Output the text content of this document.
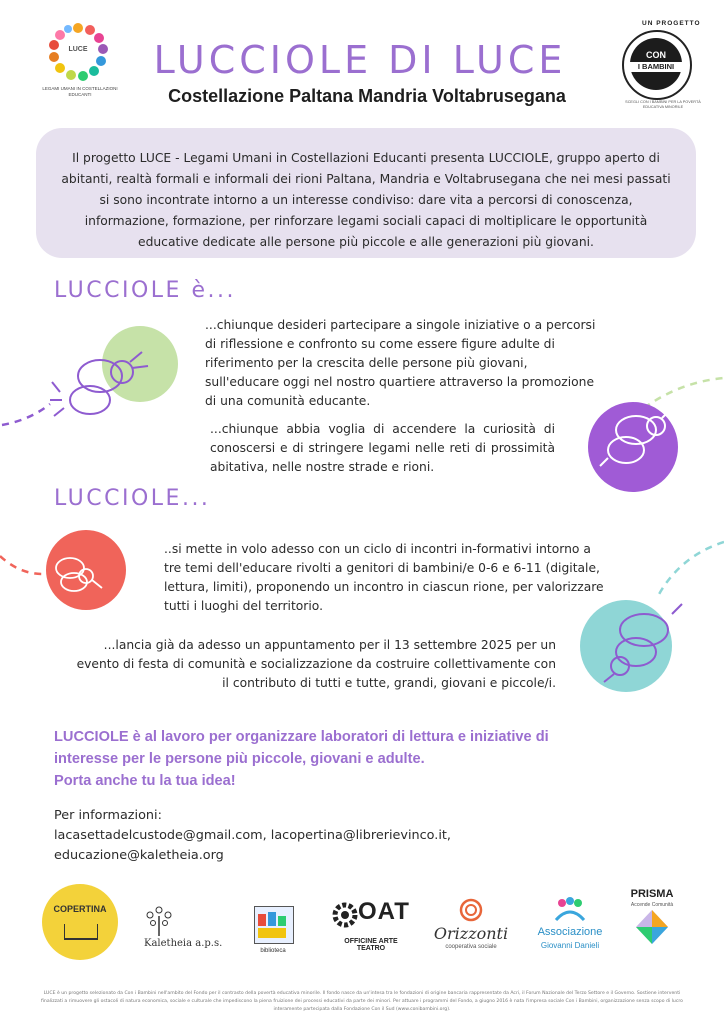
LUCE
LEGAMI UMANI IN COSTELLAZIONI EDUCANTI
LUCCIOLE DI LUCE
Costellazione Paltana Mandria Voltabrusegana
UN PROGETTO
CON
I BAMBINI
SCEGLI CON I BAMBINI PER LA POVERTÀ EDUCATIVA MINORILE
Il progetto LUCE - Legami Umani in Costellazioni Educanti presenta LUCCIOLE, gruppo aperto di abitanti, realtà formali e informali dei rioni Paltana, Mandria e Voltabrusegana che nei mesi passati si sono incontrate intorno a un interesse condiviso: dare vita a percorsi di conoscenza, informazione, formazione, per rinforzare legami sociali capaci di moltiplicare le opportunità educative dedicate alle persone più piccole e alle generazioni più giovani.
LUCCIOLE è...
...chiunque desideri partecipare a singole iniziative o a percorsi di riflessione e confronto su come essere figure adulte di riferimento per la crescita delle persone più giovani, sull'educare oggi nel nostro quartiere attraverso la promozione di una comunità educante.
...chiunque abbia voglia di accendere la curiosità di conoscersi e di stringere legami nelle reti di prossimità abitativa, nelle nostre strade e rioni.
LUCCIOLE...
..si mette in volo adesso con un ciclo di incontri in-formativi intorno a tre temi dell'educare rivolti a genitori di bambini/e 0-6 e 6-11 (digitale, lettura, limiti), proponendo un incontro in ciascun rione, per valorizzare tutti i luoghi del territorio.
...lancia già da adesso un appuntamento per il 13 settembre 2025 per un evento di festa di comunità e socializzazione da costruire collettivamente con il contributo di tutti e tutte, grandi, giovani e piccole/i.
LUCCIOLE è al lavoro per organizzare laboratori di lettura e iniziative di
interesse per le persone più piccole, giovani e adulte.
Porta anche tu la tua idea!
Per informazioni:
lacasettadelcustode@gmail.com, lacopertina@librerievinco.it,
educazione@kaletheia.org
COPERTINA
Kaletheia a.p.s.
biblioteca
OAT
OFFICINE ARTE TEATRO
Orizzonti
cooperativa sociale
Associazione
Giovanni Danieli
PRISMA
Accende Comunità
LUCE è un progetto selezionato da Con i Bambini nell'ambito del Fondo per il contrasto della povertà educativa minorile. Il fondo nasce da un'intesa tra le fondazioni di origine bancaria rappresentate da Acri, il Forum Nazionale del Terzo Settore e il Governo. Sostiene interventi finalizzati a rimuovere gli ostacoli di natura economica, sociale e culturale che impediscono la piena fruizione dei processi educativi da parte dei minori. Per attuare i programmi del Fondo, a giugno 2016 è nata l'impresa sociale Con i Bambini, organizzazione senza scopo di lucro interamente partecipata dalla Fondazione Con il Sud (www.conibambini.org).
